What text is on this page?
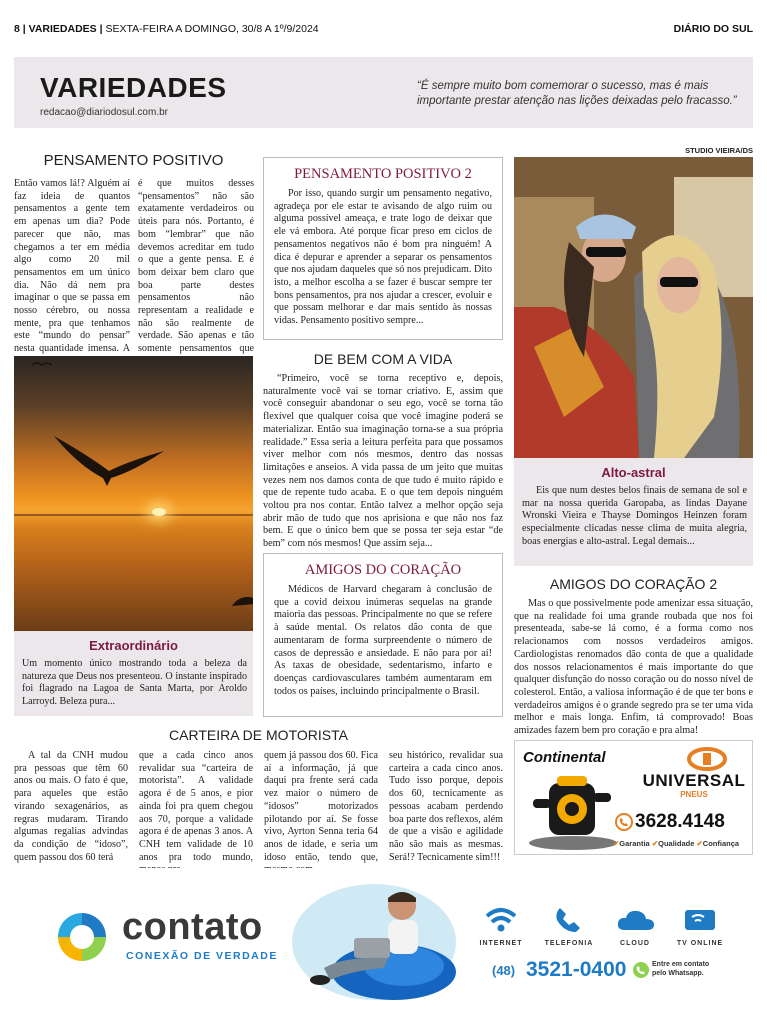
8 | VARIEDADES | SEXTA-FEIRA A DOMINGO, 30/8 A 1º/9/2024	DIÁRIO DO SUL
VARIEDADES
redacao@diariodosul.com.br
“É sempre muito bom comemorar o sucesso, mas é mais importante prestar atenção nas lições deixadas pelo fracasso.”
STUDIO VIEIRA/DS
PENSAMENTO POSITIVO
Então vamos lá!? Alguém aí faz ideia de quantos pensamentos a gente tem em apenas um dia? Pode parecer que não, mas chegamos a ter em média algo como 20 mil pensamentos em um único dia. Não dá nem pra imaginar o que se passa em nosso cérebro, ou nossa mente, pra que tenhamos este “mundo do pensar” nesta quantidade imensa. A
é que muitos desses “pensamentos” não são exatamente verdadeiros ou úteis para nós. Portanto, é bom “lembrar” que não devemos acreditar em tudo o que a gente pensa. E é bom deixar bem claro que boa parte destes pensamentos não representam a realidade e não são realmente de verdade. São apenas e tão somente pensamentos que
Extraordinário
Um momento único mostrando toda a beleza da natureza que Deus nos presenteou. O instante inspirado foi flagrado na Lagoa de Santa Marta, por Aroldo Larroyd. Beleza pura...
PENSAMENTO POSITIVO 2
Por isso, quando surgir um pensamento negativo, agradeça por ele estar te avisando de algo ruim ou alguma possível ameaça, e trate logo de deixar que ele vá embora. Até porque ficar preso em ciclos de pensamentos negativos não é bom pra ninguém! A dica é depurar e aprender a separar os pensamentos que nos ajudam daqueles que só nos prejudicam. Dito isto, a melhor escolha a se fazer é buscar sempre ter bons pensamentos, pra nos ajudar a crescer, evoluir e que possam melhorar e dar mais sentido às nossas vidas. Pensamento positivo sempre...
DE BEM COM A VIDA
“Primeiro, você se torna receptivo e, depois, naturalmente você vai se tornar criativo. E, assim que você conseguir abandonar o seu ego, você se torna tão flexível que qualquer coisa que você imagine poderá se materializar. Então sua imaginação torna-se a sua própria realidade.” Essa seria a leitura perfeita para que possamos viver melhor com nós mesmos, dentro das nossas limitações e anseios. A vida passa de um jeito que muitas vezes nem nos damos conta de que tudo é muito rápido e que de repente tudo acaba. E o que tem depois ninguém voltou pra nos contar. Então talvez a melhor opção seja abrir mão de tudo que nos aprisiona e que não nos faz bem. E que o único bem que se possa ter seja estar “de bem” com nós mesmos! Que assim seja...
AMIGOS DO CORAÇÃO
Médicos de Harvard chegaram à conclusão de que a covid deixou inúmeras sequelas na grande maioria das pessoas. Principalmente no que se refere à saúde mental. Os relatos dão conta de que aumentaram de forma surpreendente o número de casos de depressão e ansiedade. E não para por aí! As taxas de obesidade, sedentarismo, infarto e doenças cardiovasculares também aumentaram em todos os países, incluindo principalmente o Brasil.
Alto-astral
Eis que num destes belos finais de semana de sol e mar na nossa querida Garopaba, as lindas Dayane Wronski Vieira e Thayse Domingos Heinzen foram especialmente clicadas nesse clima de muita alegria, boas energias e alto-astral. Legal demais...
AMIGOS DO CORAÇÃO 2
Mas o que possivelmente pode amenizar essa situação, que na realidade foi uma grande roubada que nos foi presenteada, sabe-se lá como, é a forma como nos relacionamos com nossos verdadeiros amigos. Cardiologistas renomados dão conta de que a qualidade dos nossos relacionamentos é mais importante do que qualquer disfunção do nosso coração ou do nosso nível de colesterol. Então, a valiosa informação é de que ter bons e verdadeiros amigos é o grande segredo pra se ter uma vida melhor e mais longa. Enfim, tá comprovado! Boas amizades fazem bem pro coração e pra alma!
CARTEIRA DE MOTORISTA
A tal da CNH mudou pra pessoas que têm 60 anos ou mais. O fato é que, para aqueles que estão virando sexagenários, as regras mudaram. Tirando algumas regalias advindas da condição de “idoso”, quem passou dos 60 terá
que a cada cinco anos revalidar sua “carteira de motorista”. A validade agora é de 5 anos, e pior ainda foi pra quem chegou aos 70, porque a validade agora é de apenas 3 anos. A CNH tem validade de 10 anos pra todo mundo,
quem já passou dos 60. Fica aí a informação, já que daqui pra frente será cada vez maior o número de “idosos” motorizados pilotando por aí. Se fosse vivo, Ayrton Senna teria 64 anos de idade, e seria um idoso então, tendo que,
seu histórico, revalidar sua carteira a cada cinco anos. Tudo isso porque, depois dos 60, tecnicamente as pessoas acabam perdendo boa parte dos reflexos, além de que a visão e agilidade não são mais as mesmas. Será!? Tecnicamente sim!!!
Continental
UNIVERSAL
PNEUS
3628.4148
✔Garantia ✔Qualidade ✔Confiança
contato
CONEXÃO DE VERDADE
INTERNET	TELEFONIA	CLOUD	TV ONLINE
(48) 3521-0400	Entre em contato pelo Whatsapp.
